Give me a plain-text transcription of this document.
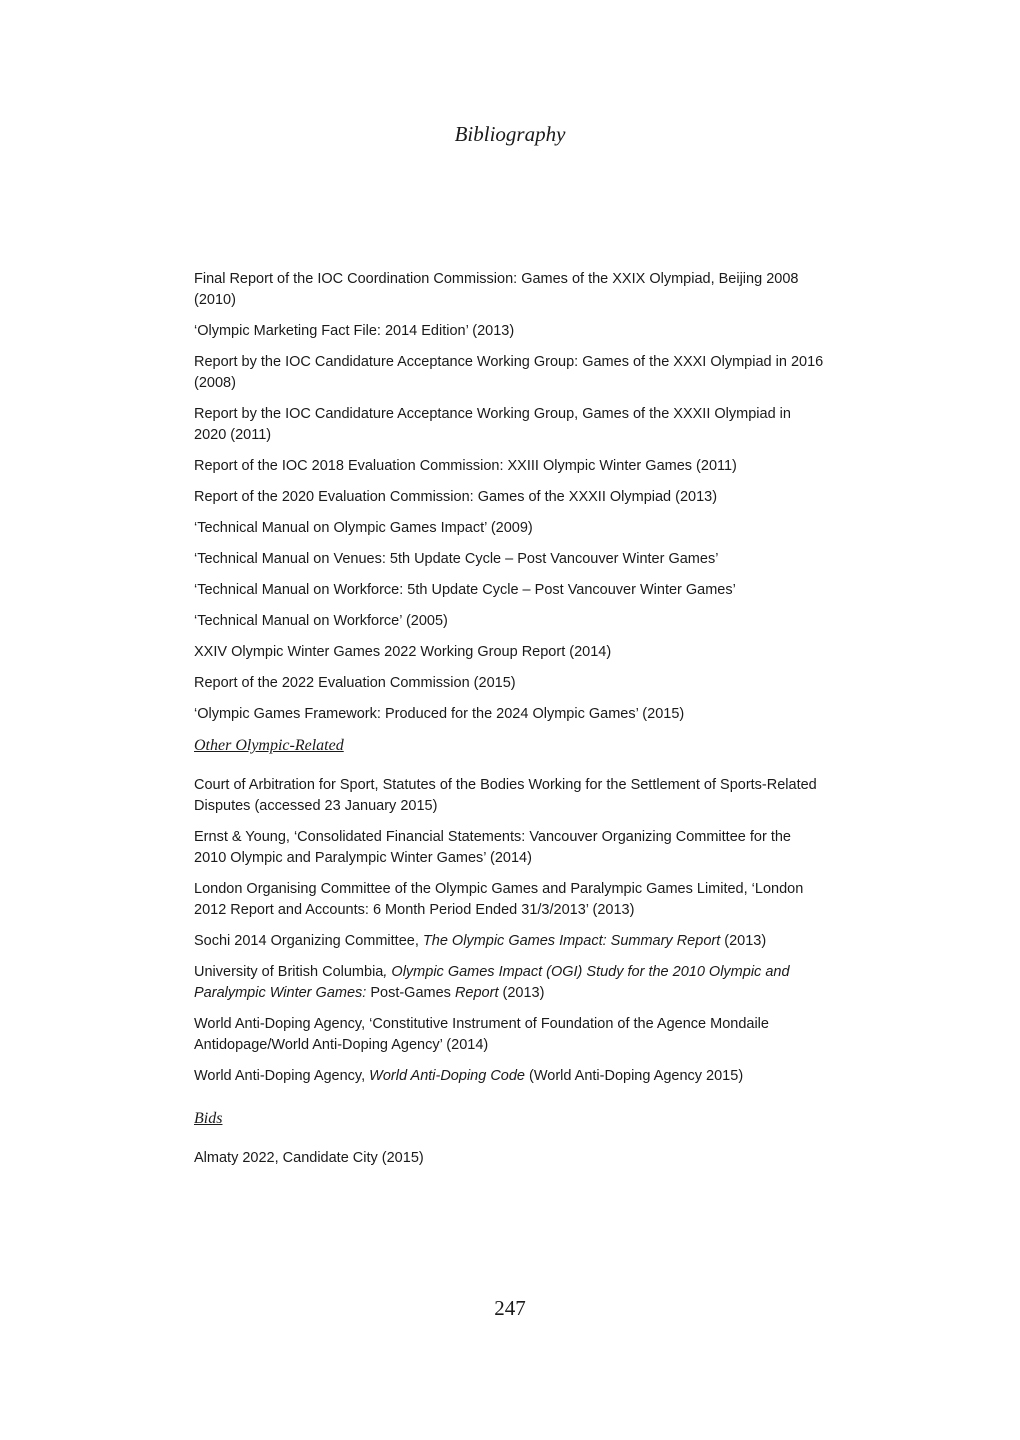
Bibliography

Final Report of the IOC Coordination Commission: Games of the XXIX Olympiad, Beijing 2008 (2010)

‘Olympic Marketing Fact File: 2014 Edition’ (2013)

Report by the IOC Candidature Acceptance Working Group: Games of the XXXI Olympiad in 2016 (2008)

Report by the IOC Candidature Acceptance Working Group, Games of the XXXII Olympiad in 2020 (2011)

Report of the IOC 2018 Evaluation Commission: XXIII Olympic Winter Games (2011)

Report of the 2020 Evaluation Commission: Games of the XXXII Olympiad (2013)

‘Technical Manual on Olympic Games Impact’ (2009)

‘Technical Manual on Venues: 5th Update Cycle – Post Vancouver Winter Games’

‘Technical Manual on Workforce: 5th Update Cycle – Post Vancouver Winter Games’

‘Technical Manual on Workforce’ (2005)

XXIV Olympic Winter Games 2022 Working Group Report (2014)

Report of the 2022 Evaluation Commission (2015)

‘Olympic Games Framework: Produced for the 2024 Olympic Games’ (2015)

Other Olympic-Related

Court of Arbitration for Sport, Statutes of the Bodies Working for the Settlement of Sports-Related Disputes (accessed 23 January 2015)

Ernst & Young, ‘Consolidated Financial Statements: Vancouver Organizing Committee for the 2010 Olympic and Paralympic Winter Games’ (2014)

London Organising Committee of the Olympic Games and Paralympic Games Limited, ‘London 2012 Report and Accounts: 6 Month Period Ended 31/3/2013’ (2013)

Sochi 2014 Organizing Committee, The Olympic Games Impact: Summary Report (2013)

University of British Columbia, Olympic Games Impact (OGI) Study for the 2010 Olympic and Paralympic Winter Games: Post-Games Report (2013)

World Anti-Doping Agency, ‘Constitutive Instrument of Foundation of the Agence Mondaile Antidopage/World Anti-Doping Agency’ (2014)

World Anti-Doping Agency, World Anti-Doping Code (World Anti-Doping Agency 2015)

Bids

Almaty 2022, Candidate City (2015)

247
